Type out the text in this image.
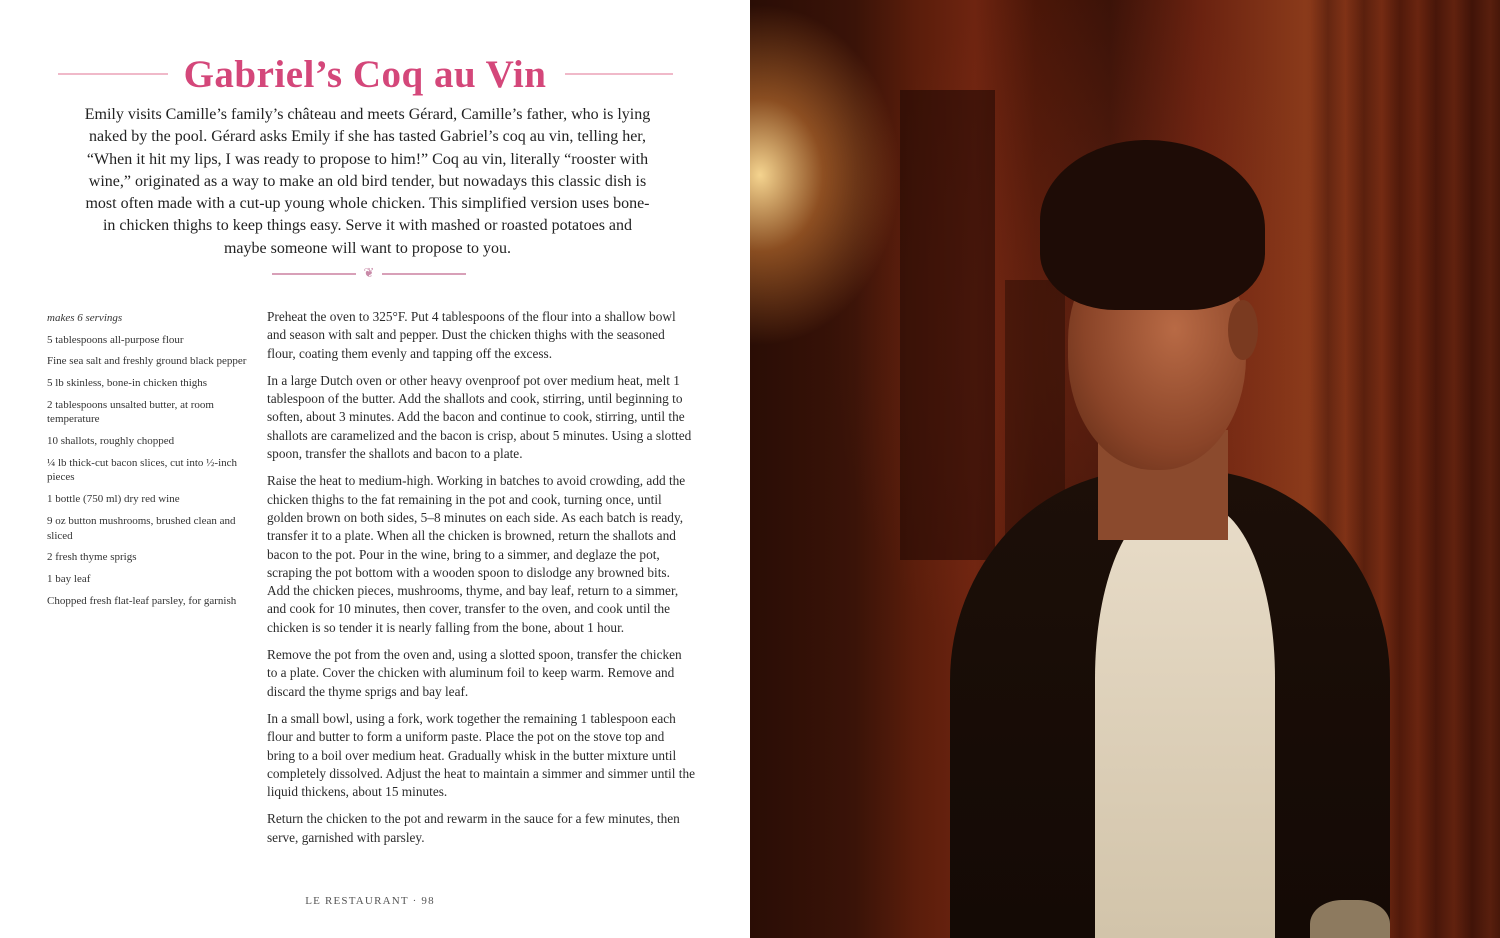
Gabriel’s Coq au Vin

Emily visits Camille’s family’s château and meets Gérard, Camille’s father, who is lying naked by the pool. Gérard asks Emily if she has tasted Gabriel’s coq au vin, telling her, “When it hit my lips, I was ready to propose to him!” Coq au vin, literally “rooster with wine,” originated as a way to make an old bird tender, but nowadays this classic dish is most often made with a cut-up young whole chicken. This simplified version uses bone-in chicken thighs to keep things easy. Serve it with mashed or roasted potatoes and maybe someone will want to propose to you.

❦

makes 6 servings

5 tablespoons all-purpose flour
Fine sea salt and freshly ground black pepper
5 lb skinless, bone-in chicken thighs
2 tablespoons unsalted butter, at room temperature
10 shallots, roughly chopped
¼ lb thick-cut bacon slices, cut into ½-inch pieces
1 bottle (750 ml) dry red wine
9 oz button mushrooms, brushed clean and sliced
2 fresh thyme sprigs
1 bay leaf
Chopped fresh flat-leaf parsley, for garnish

Preheat the oven to 325°F. Put 4 tablespoons of the flour into a shallow bowl and season with salt and pepper. Dust the chicken thighs with the seasoned flour, coating them evenly and tapping off the excess.

In a large Dutch oven or other heavy ovenproof pot over medium heat, melt 1 tablespoon of the butter. Add the shallots and cook, stirring, until beginning to soften, about 3 minutes. Add the bacon and continue to cook, stirring, until the shallots are caramelized and the bacon is crisp, about 5 minutes. Using a slotted spoon, transfer the shallots and bacon to a plate.

Raise the heat to medium-high. Working in batches to avoid crowding, add the chicken thighs to the fat remaining in the pot and cook, turning once, until golden brown on both sides, 5–8 minutes on each side. As each batch is ready, transfer it to a plate. When all the chicken is browned, return the shallots and bacon to the pot. Pour in the wine, bring to a simmer, and deglaze the pot, scraping the pot bottom with a wooden spoon to dislodge any browned bits. Add the chicken pieces, mushrooms, thyme, and bay leaf, return to a simmer, and cook for 10 minutes, then cover, transfer to the oven, and cook until the chicken is so tender it is nearly falling from the bone, about 1 hour.

Remove the pot from the oven and, using a slotted spoon, transfer the chicken to a plate. Cover the chicken with aluminum foil to keep warm. Remove and discard the thyme sprigs and bay leaf.

In a small bowl, using a fork, work together the remaining 1 tablespoon each flour and butter to form a uniform paste. Place the pot on the stove top and bring to a boil over medium heat. Gradually whisk in the butter mixture until completely dissolved. Adjust the heat to maintain a simmer and simmer until the liquid thickens, about 15 minutes.

Return the chicken to the pot and rewarm in the sauce for a few minutes, then serve, garnished with parsley.

LE RESTAURANT · 98
